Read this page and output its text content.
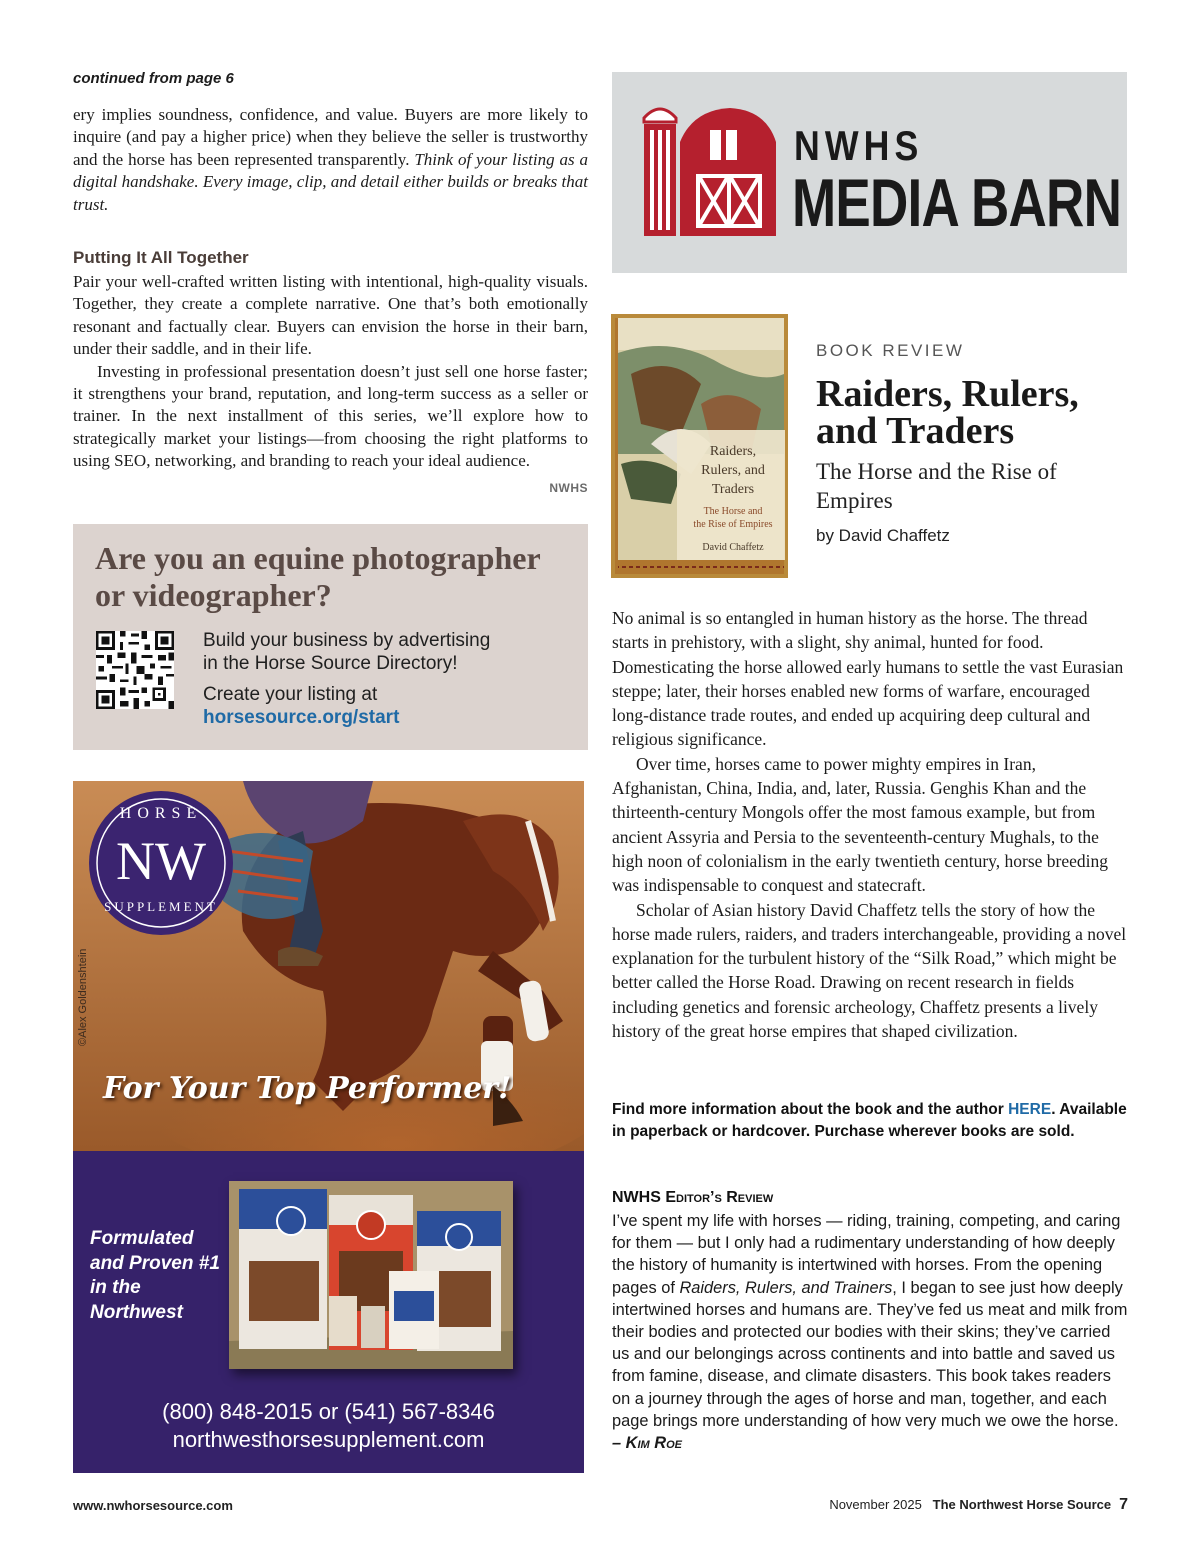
continued from page 6

ery implies soundness, confidence, and value. Buyers are more likely to inquire (and pay a higher price) when they believe the seller is trustworthy and the horse has been represented transparently. Think of your listing as a digital handshake. Every image, clip, and detail either builds or breaks that trust.

Putting It All Together

Pair your well-crafted written listing with intentional, high-quality visuals. Together, they create a complete narrative. One that’s both emotionally resonant and factually clear. Buyers can envision the horse in their barn, under their saddle, and in their life.

Investing in professional presentation doesn’t just sell one horse faster; it strengthens your brand, reputation, and long-term success as a seller or trainer. In the next installment of this series, we’ll explore how to strategically market your listings—from choosing the right platforms to using SEO, networking, and branding to reach your ideal audience.
NWHS

Are you an equine photographer or videographer?
Build your business by advertising
in the Horse Source Directory!
Create your listing at
horsesource.org/start
HORSE
NW
SUPPLEMENT
For Your Top Performer!
©Alex Goldenshtein
Formulated
and Proven #1
in the
Northwest
(800) 848-2015 or (541) 567-8346
northwesthorsesupplement.com
NWHS
MEDIA BARN
Raiders,
Rulers, and
Traders
The Horse and
the Rise of Empires
David Chaffetz
BOOK REVIEW
Raiders, Rulers, and Traders
The Horse and the Rise of Empires
by David Chaffetz

No animal is so entangled in human history as the horse. The thread starts in prehistory, with a slight, shy animal, hunted for food. Domesticating the horse allowed early humans to settle the vast Eurasian steppe; later, their horses enabled new forms of warfare, encouraged long-distance trade routes, and ended up acquiring deep cultural and religious significance.

Over time, horses came to power mighty empires in Iran, Afghanistan, China, India, and, later, Russia. Genghis Khan and the thirteenth-century Mongols offer the most famous example, but from ancient Assyria and Persia to the seventeenth-century Mughals, to the high noon of colonialism in the early twentieth century, horse breeding was indispensable to conquest and statecraft.

Scholar of Asian history David Chaffetz tells the story of how the horse made rulers, raiders, and traders interchangeable, providing a novel explanation for the turbulent history of the “Silk Road,” which might be better called the Horse Road. Drawing on recent research in fields including genetics and forensic archeology, Chaffetz presents a lively history of the great horse empires that shaped civilization.

Find more information about the book and the author HERE. Available in paperback or hardcover. Purchase wherever books are sold.
NWHS Editor’s Review

I’ve spent my life with horses — riding, training, competing, and caring for them — but I only had a rudimentary understanding of how deeply the history of humanity is intertwined with horses. From the opening pages of Raiders, Rulers, and Trainers, I began to see just how deeply intertwined horses and humans are. They’ve fed us meat and milk from their bodies and protected our bodies with their skins; they’ve carried us and our belongings across continents and into battle and saved us from famine, disease, and climate disasters. This book takes readers on a journey through the ages of horse and man, together, and each page brings more understanding of how very much we owe the horse. – Kim Roe

www.nwhorsesource.com	November 2025 The Northwest Horse Source 7
